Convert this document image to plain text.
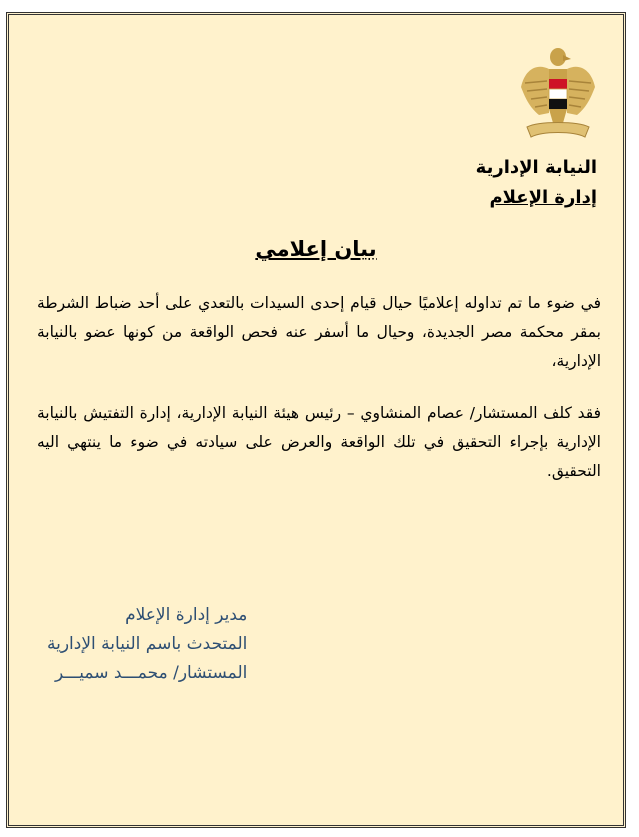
النيابة الإدارية
إدارة الإعلام
بيان إعلامي
في ضوء ما تم تداوله إعلاميًا حيال قيام إحدى السيدات بالتعدي على أحد ضباط الشرطة بمقر محكمة مصر الجديدة، وحيال ما أسفر عنه فحص الواقعة من كونها عضو بالنيابة الإدارية،
فقد كلف المستشار/ عصام المنشاوي – رئيس هيئة النيابة الإدارية، إدارة التفتيش بالنيابة الإدارية بإجراء التحقيق في تلك الواقعة والعرض على سيادته في ضوء ما ينتهي اليه التحقيق.
مدير إدارة الإعلام
المتحدث باسم النيابة الإدارية
المستشار/ محمـــد سميـــر
